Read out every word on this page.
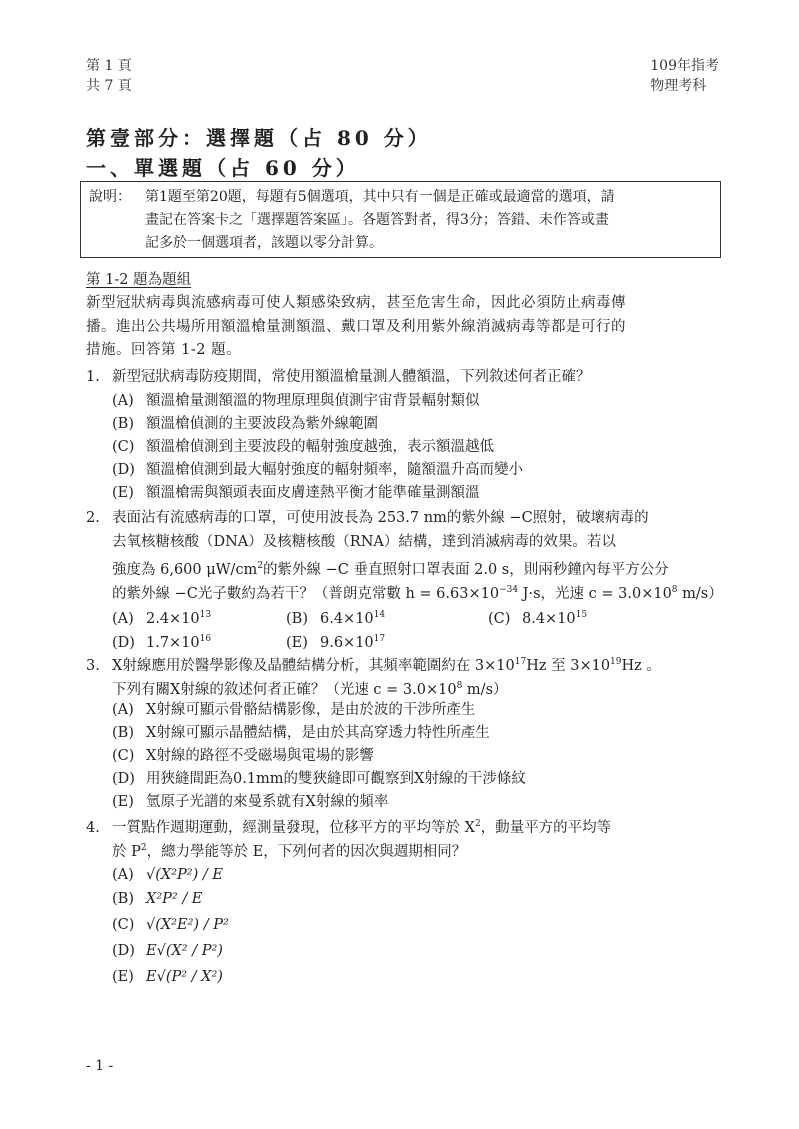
第 1 頁
共 7 頁
109年指考
物理考科
第壹部分：選擇題（占 80 分）
一、單選題（占 60 分）
說明：	第1題至第20題，每題有5個選項，其中只有一個是正確或最適當的選項，請
畫記在答案卡之「選擇題答案區」。各題答對者，得3分；答錯、未作答或畫
記多於一個選項者，該題以零分計算。
第 1-2 題為題組
新型冠狀病毒與流感病毒可使人類感染致病，甚至危害生命，因此必須防止病毒傳
播。進出公共場所用額溫槍量測額溫、戴口罩及利用紫外線消滅病毒等都是可行的
措施。回答第 1-2 題。
1. 新型冠狀病毒防疫期間，常使用額溫槍量測人體額溫，下列敘述何者正確？
(A) 額溫槍量測額溫的物理原理與偵測宇宙背景輻射類似
(B) 額溫槍偵測的主要波段為紫外線範圍
(C) 額溫槍偵測到主要波段的輻射強度越強，表示額溫越低
(D) 額溫槍偵測到最大輻射強度的輻射頻率，隨額溫升高而變小
(E) 額溫槍需與額頭表面皮膚達熱平衡才能準確量測額溫
2. 表面沾有流感病毒的口罩，可使用波長為 253.7 nm的紫外線 −C照射，破壞病毒的
去氧核糖核酸（DNA）及核糖核酸（RNA）結構，達到消滅病毒的效果。若以
強度為 6,600 $\mu W/cm^2$的紫外線 −C 垂直照射口罩表面 2.0 s，則兩秒鐘內每平方公分
的紫外線 −C光子數約為若干？（普朗克常數 $h = 6.63\times 10^{-34}$ J·s，光速 $c = 3.0\times 10^8$ m/s）
(A) $2.4\times 10^{13}$	(B) $6.4\times 10^{14}$	(C) $8.4\times 10^{15}$
(D) $1.7\times 10^{16}$	(E) $9.6\times 10^{17}$
3. X射線應用於醫學影像及晶體結構分析，其頻率範圍約在 $3\times 10^{17}Hz$ 至 $3\times 10^{19}Hz$ 。
下列有關X射線的敘述何者正確？（光速 $c = 3.0\times 10^8$ m/s）
(A) X射線可顯示骨骼結構影像，是由於波的干涉所產生
(B) X射線可顯示晶體結構，是由於其高穿透力特性所產生
(C) X射線的路徑不受磁場與電場的影響
(D) 用狹縫間距為0.1mm的雙狹縫即可觀察到X射線的干涉條紋
(E) 氫原子光譜的來曼系就有X射線的頻率
4. 一質點作週期運動，經測量發現，位移平方的平均等於 $X^2$，動量平方的平均等
於 $P^2$，總力學能等於 E，下列何者的因次與週期相同？
(A) √(X²P²) / E
(B) X²P² / E
(C) √(X²E²) / P²
(D) E√(X² / P²)
(E) E√(P² / X²)
- 1 -
